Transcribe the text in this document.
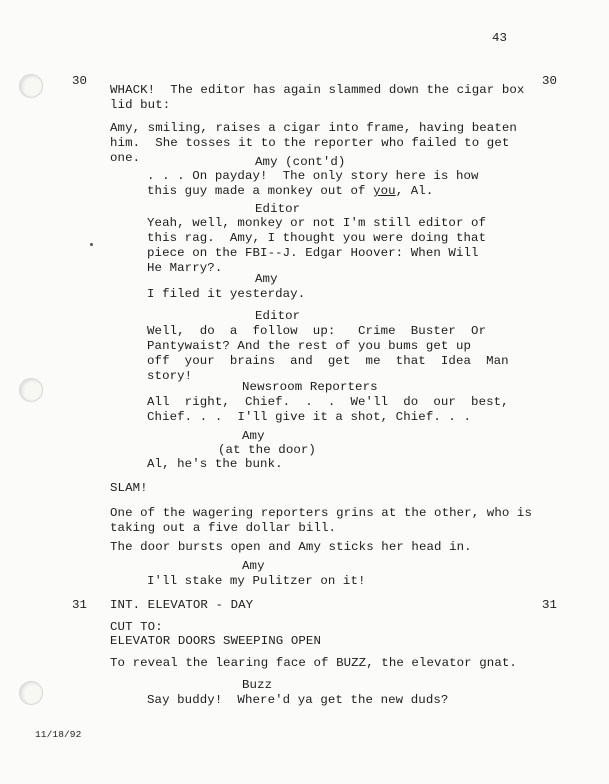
43
30	30
WHACK!  The editor has again slammed down the cigar box
lid but:
Amy, smiling, raises a cigar into frame, having beaten
him.  She tosses it to the reporter who failed to get
one.	Amy (cont'd)
. . . On payday!  The only story here is how
this guy made a monkey out of you, Al.
Editor
Yeah, well, monkey or not I'm still editor of
this rag.  Amy, I thought you were doing that
piece on the FBI--J. Edgar Hoover: When Will
He Marry?.
Amy
I filed it yesterday.
Editor
Well,  do  a  follow  up:   Crime  Buster  Or
Pantywaist? And the rest of you bums get up
off  your  brains  and  get  me  that  Idea  Man
story!
Newsroom Reporters
All  right,  Chief.  .  .  We'll  do  our  best,
Chief. . .  I'll give it a shot, Chief. . .
Amy
(at the door)
Al, he's the bunk.
SLAM!
One of the wagering reporters grins at the other, who is
taking out a five dollar bill.
The door bursts open and Amy sticks her head in.
Amy
I'll stake my Pulitzer on it!
31 INT. ELEVATOR - DAY	31
CUT TO:
ELEVATOR DOORS SWEEPING OPEN
To reveal the learing face of BUZZ, the elevator gnat.
Buzz
Say buddy!  Where'd ya get the new duds?
11/18/92
